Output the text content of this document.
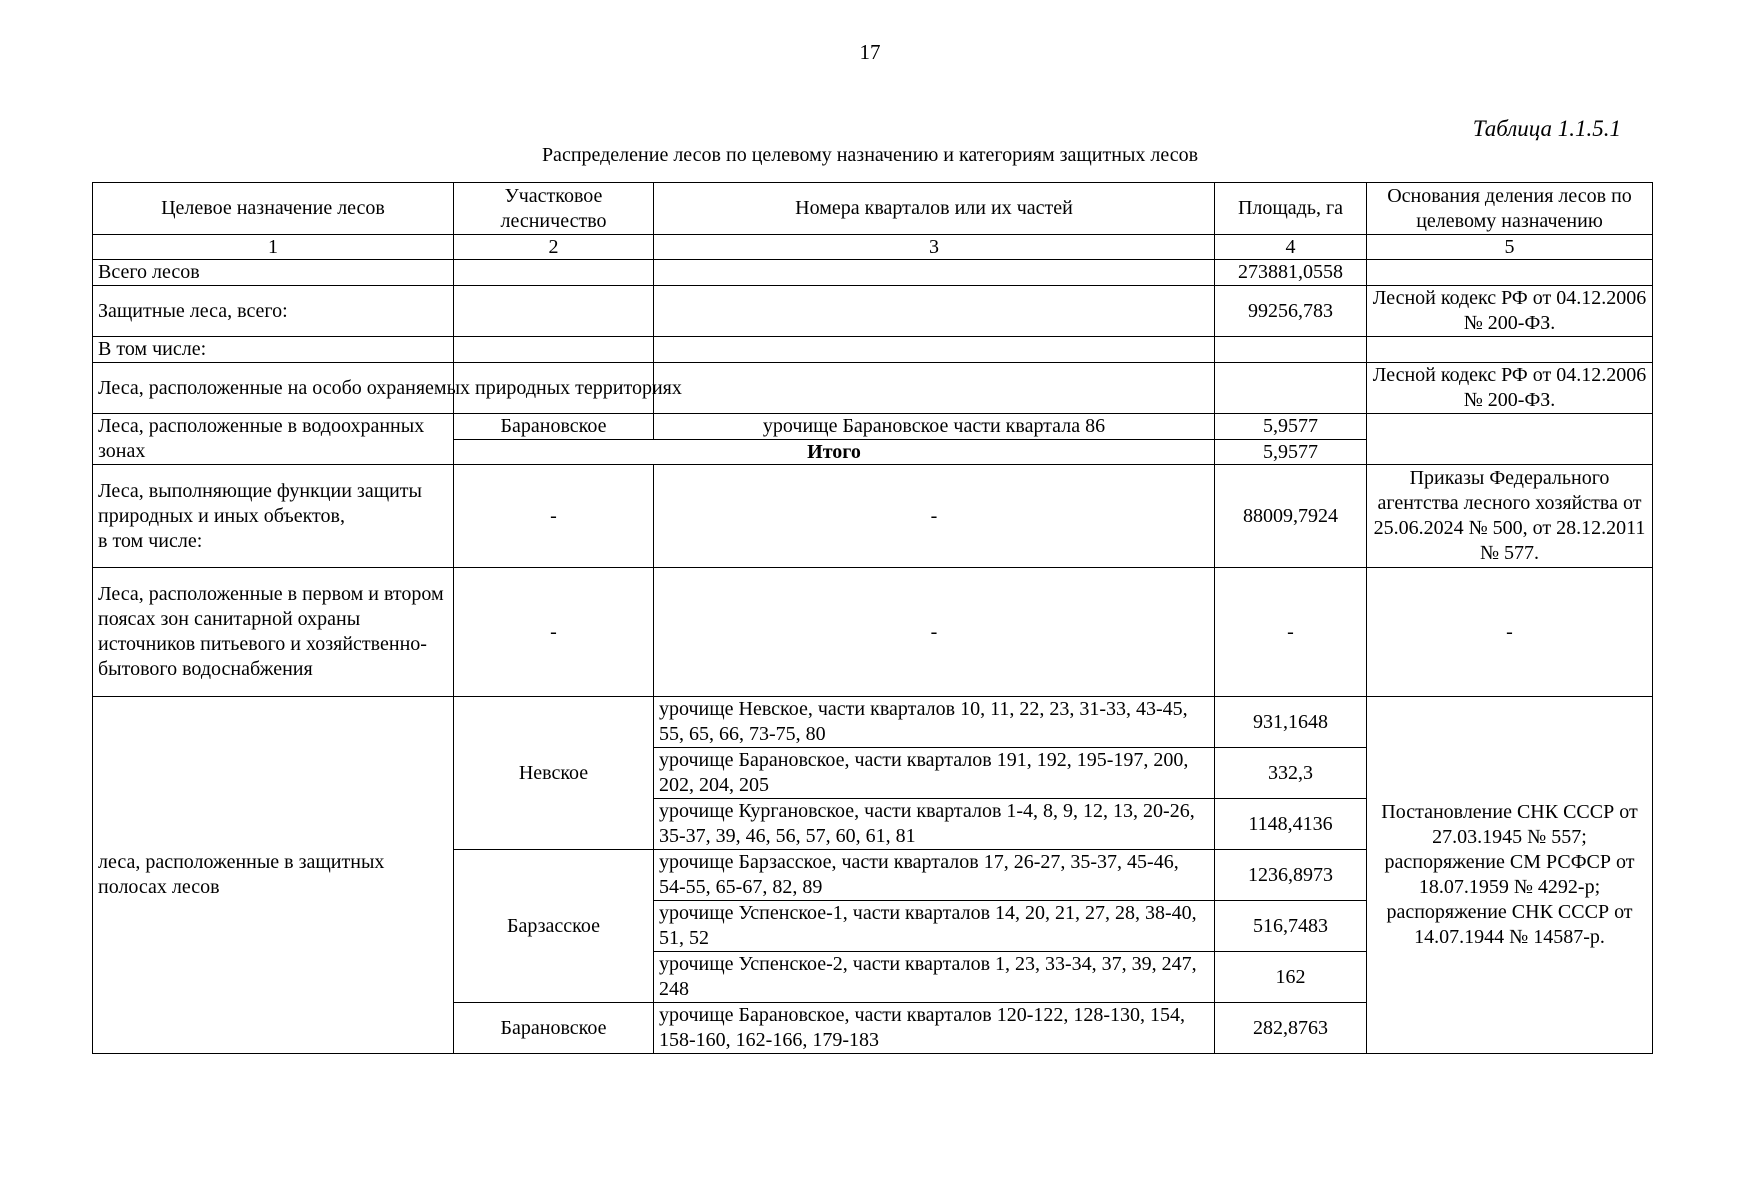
17
Таблица 1.1.5.1
Распределение лесов по целевому назначению и категориям защитных лесов
Целевое назначение лесов	Участковое лесничество	Номера кварталов или их частей	Площадь, га	Основания деления лесов по целевому назначению
1	2	3	4	5
Всего лесов			273881,0558	
Защитные леса, всего:			99256,783	Лесной кодекс РФ от 04.12.2006 № 200-ФЗ.
В том числе:				
Леса, расположенные на особо охраняемых природных территориях				Лесной кодекс РФ от 04.12.2006 № 200-ФЗ.
Леса, расположенные в водоохранных зонах	Барановское	урочище Барановское части квартала 86	5,9577	
	Итого		5,9577	
Леса, выполняющие функции защиты природных и иных объектов,
в том числе:	-	-	88009,7924	Приказы Федерального агентства лесного хозяйства от 25.06.2024 № 500, от 28.12.2011 № 577.
Леса, расположенные в первом и втором поясах зон санитарной охраны источников питьевого и хозяйственно-бытового водоснабжения	-	-	-	-
леса, расположенные в защитных полосах лесов	Невское	урочище Невское, части кварталов 10, 11, 22, 23, 31-33, 43-45, 55, 65, 66, 73-75, 80	931,1648	Постановление СНК СССР от 27.03.1945 № 557; распоряжение СМ РСФСР от 18.07.1959 № 4292-р; распоряжение СНК СССР от 14.07.1944 № 14587-р.
		урочище Барановское, части кварталов 191, 192, 195-197, 200, 202, 204, 205	332,3	
		урочище Кургановское, части кварталов 1-4, 8, 9, 12, 13, 20-26, 35-37, 39, 46, 56, 57, 60, 61, 81	1148,4136	
	Барзасское	урочище Барзасское, части кварталов 17, 26-27, 35-37, 45-46, 54-55, 65-67, 82, 89	1236,8973	
		урочище Успенское-1, части кварталов 14, 20, 21, 27, 28, 38-40, 51, 52	516,7483	
		урочище Успенское-2, части кварталов 1, 23, 33-34, 37, 39, 247, 248	162	
	Барановское	урочище Барановское, части кварталов 120-122, 128-130, 154, 158-160, 162-166, 179-183	282,8763	
